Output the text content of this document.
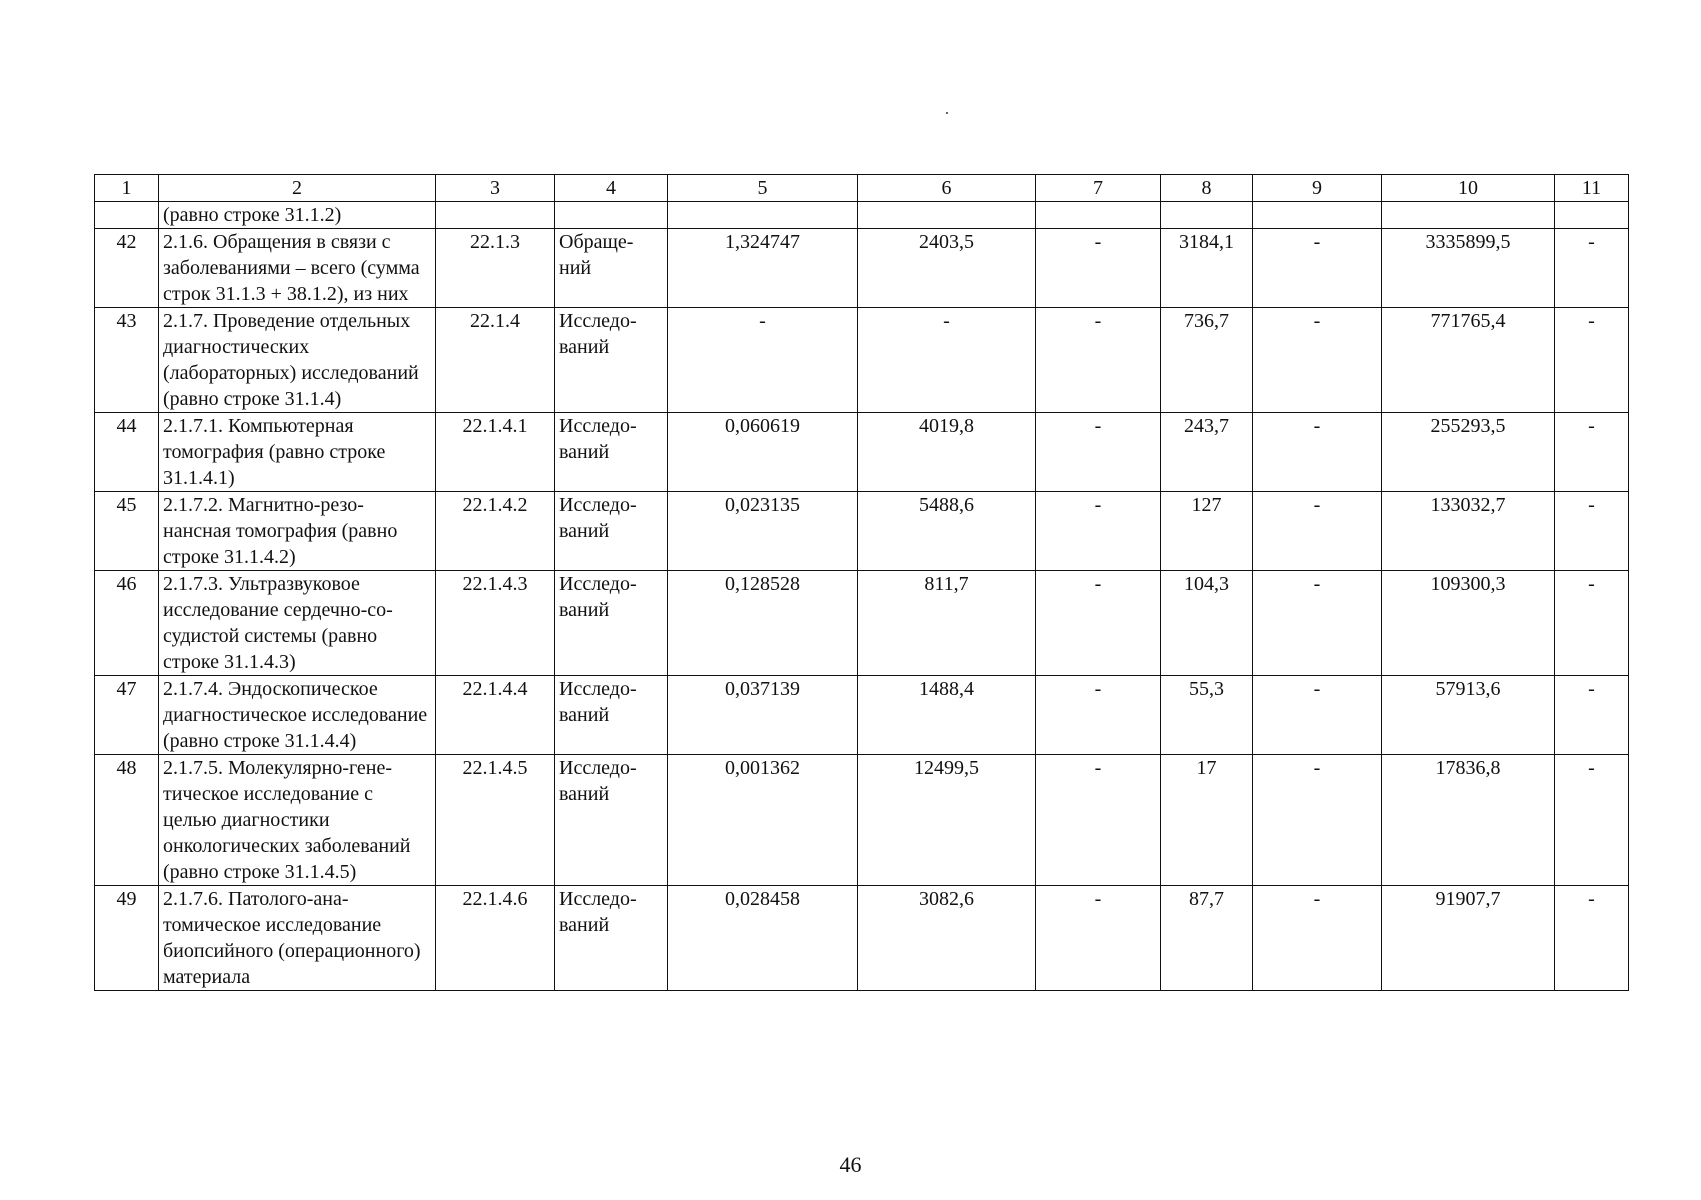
1	2	3	4	5	6	7	8	9	10	11
	(равно строке 31.1.2)									
42	2.1.6. Обращения в связи с заболеваниями – всего (сумма строк 31.1.3 + 38.1.2), из них	22.1.3	Обраще-ний	1,324747	2403,5	-	3184,1	-	3335899,5	-
43	2.1.7. Проведение отдельных диагностических (лабораторных) исследований (равно строке 31.1.4)	22.1.4	Исследо-ваний	-	-	-	736,7	-	771765,4	-
44	2.1.7.1. Компьютерная томография (равно строке 31.1.4.1)	22.1.4.1	Исследо-ваний	0,060619	4019,8	-	243,7	-	255293,5	-
45	2.1.7.2. Магнитно-резо-нансная томография (равно строке 31.1.4.2)	22.1.4.2	Исследо-ваний	0,023135	5488,6	-	127	-	133032,7	-
46	2.1.7.3. Ультразвуковое исследование сердечно-со-судистой системы (равно строке 31.1.4.3)	22.1.4.3	Исследо-ваний	0,128528	811,7	-	104,3	-	109300,3	-
47	2.1.7.4. Эндоскопическое диагностическое исследование (равно строке 31.1.4.4)	22.1.4.4	Исследо-ваний	0,037139	1488,4	-	55,3	-	57913,6	-
48	2.1.7.5. Молекулярно-гене-тическое исследование с целью диагностики онкологических заболеваний (равно строке 31.1.4.5)	22.1.4.5	Исследо-ваний	0,001362	12499,5	-	17	-	17836,8	-
49	2.1.7.6. Патолого-ана-томическое исследование биопсийного (операционного) материала	22.1.4.6	Исследо-ваний	0,028458	3082,6	-	87,7	-	91907,7	-
46
